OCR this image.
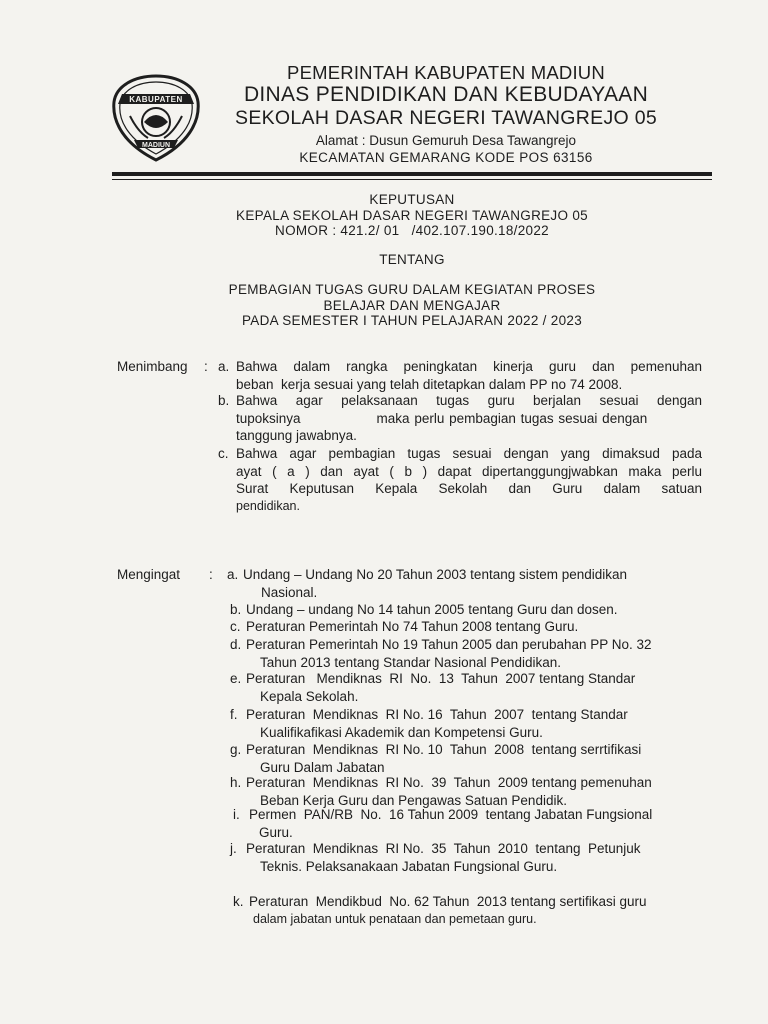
KABUPATEN
MADIUN
PEMERINTAH KABUPATEN MADIUN
DINAS PENDIDIKAN DAN KEBUDAYAAN
SEKOLAH DASAR NEGERI TAWANGREJO 05
Alamat : Dusun Gemuruh Desa Tawangrejo
KECAMATAN GEMARANG KODE POS 63156
KEPUTUSAN
KEPALA SEKOLAH DASAR NEGERI TAWANGREJO 05
NOMOR : 421.2/ 01   /402.107.190.18/2022
TENTANG
PEMBAGIAN TUGAS GURU DALAM KEGIATAN PROSES
BELAJAR DAN MENGAJAR
PADA SEMESTER I TAHUN PELAJARAN 2022 / 2023
Menimbang : a. Bahwa dalam rangka peningkatan kinerja guru dan pemenuhan
beban  kerja sesuai yang telah ditetapkan dalam PP no 74 2008.
b. Bahwa agar pelaksanaan tugas guru berjalan sesuai dengan
tupoksinya                maka perlu pembagian tugas sesuai dengan
tanggung jawabnya.
c. Bahwa agar pembagian tugas sesuai dengan yang dimaksud pada
ayat ( a ) dan ayat ( b ) dapat dipertanggungjwabkan maka perlu
Surat Keputusan Kepala Sekolah dan Guru dalam satuan
pendidikan.
Mengingat : a. Undang – Undang No 20 Tahun 2003 tentang sistem pendidikan
Nasional.
b. Undang – undang No 14 tahun 2005 tentang Guru dan dosen.
c. Peraturan Pemerintah No 74 Tahun 2008 tentang Guru.
d. Peraturan Pemerintah No 19 Tahun 2005 dan perubahan PP No. 32
Tahun 2013 tentang Standar Nasional Pendidikan.
e. Peraturan   Mendiknas  RI  No.  13  Tahun  2007 tentang Standar
Kepala Sekolah.
f. Peraturan  Mendiknas  RI No. 16  Tahun  2007  tentang Standar
Kualifikafikasi Akademik dan Kompetensi Guru.
g. Peraturan  Mendiknas  RI No. 10  Tahun  2008  tentang serrtifikasi
Guru Dalam Jabatan
h. Peraturan  Mendiknas  RI No.  39  Tahun  2009 tentang pemenuhan
Beban Kerja Guru dan Pengawas Satuan Pendidik.
i. Permen  PAN/RB  No.  16 Tahun 2009  tentang Jabatan Fungsional
Guru.
j. Peraturan  Mendiknas  RI No.  35  Tahun  2010  tentang  Petunjuk
Teknis. Pelaksanakaan Jabatan Fungsional Guru.
k. Peraturan  Mendikbud  No. 62 Tahun  2013 tentang sertifikasi guru
dalam jabatan untuk penataan dan pemetaan guru.
